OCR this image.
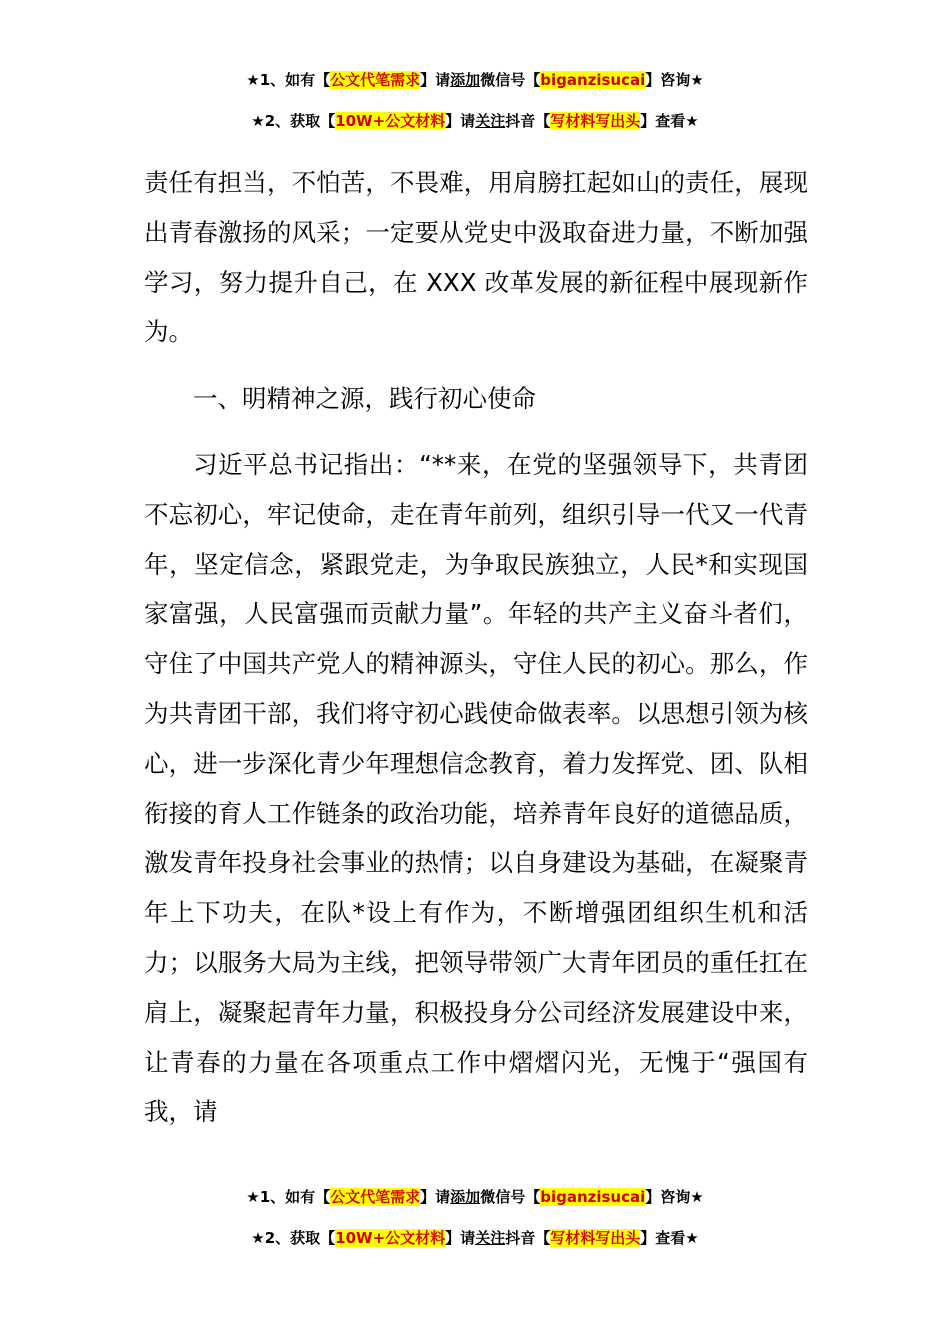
★1、如有【公文代笔需求】请添加微信号【biganzisucai】咨询★
★2、获取【10W+公文材料】请关注抖音【写材料写出头】查看★

责任有担当，不怕苦，不畏难，用肩膀扛起如山的责任，展现出青春激扬的风采；一定要从党史中汲取奋进力量，不断加强学习，努力提升自己，在 XXX 改革发展的新征程中展现新作为。

一、明精神之源，践行初心使命

习近平总书记指出：“**来，在党的坚强领导下，共青团不忘初心，牢记使命，走在青年前列，组织引导一代又一代青年，坚定信念，紧跟党走，为争取民族独立，人民*和实现国家富强，人民富强而贡献力量”。年轻的共产主义奋斗者们，守住了中国共产党人的精神源头，守住人民的初心。那么，作为共青团干部，我们将守初心践使命做表率。以思想引领为核心，进一步深化青少年理想信念教育，着力发挥党、团、队相衔接的育人工作链条的政治功能，培养青年良好的道德品质，激发青年投身社会事业的热情；以自身建设为基础，在凝聚青年上下功夫，在队*设上有作为，不断增强团组织生机和活力；以服务大局为主线，把领导带领广大青年团员的重任扛在肩上，凝聚起青年力量，积极投身分公司经济发展建设中来，让青春的力量在各项重点工作中熠熠闪光，无愧于“强国有我，请

★1、如有【公文代笔需求】请添加微信号【biganzisucai】咨询★
★2、获取【10W+公文材料】请关注抖音【写材料写出头】查看★
